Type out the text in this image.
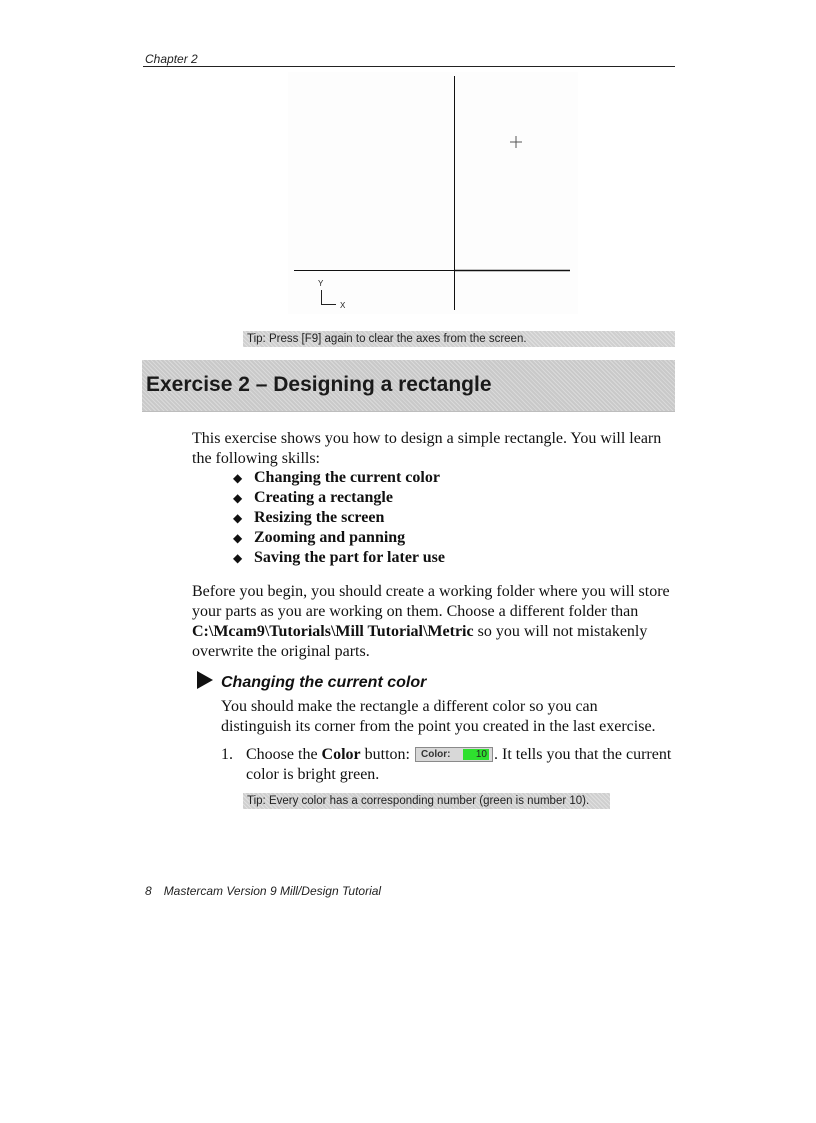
Chapter 2
Y
X
Tip: Press [F9] again to clear the axes from the screen.
Exercise 2 – Designing a rectangle
This exercise shows you how to design a simple rectangle. You will learn the following skills:
◆ Changing the current color
◆ Creating a rectangle
◆ Resizing the screen
◆ Zooming and panning
◆ Saving the part for later use
Before you begin, you should create a working folder where you will store your parts as you are working on them. Choose a different folder than C:\Mcam9\Tutorials\Mill Tutorial\Metric so you will not mistakenly overwrite the original parts.
Changing the current color
You should make the rectangle a different color so you can distinguish its corner from the point you created in the last exercise.
1. Choose the Color button: Color:	10 . It tells you that the current color is bright green.
Tip: Every color has a corresponding number (green is number 10).
8 Mastercam Version 9 Mill/Design Tutorial
